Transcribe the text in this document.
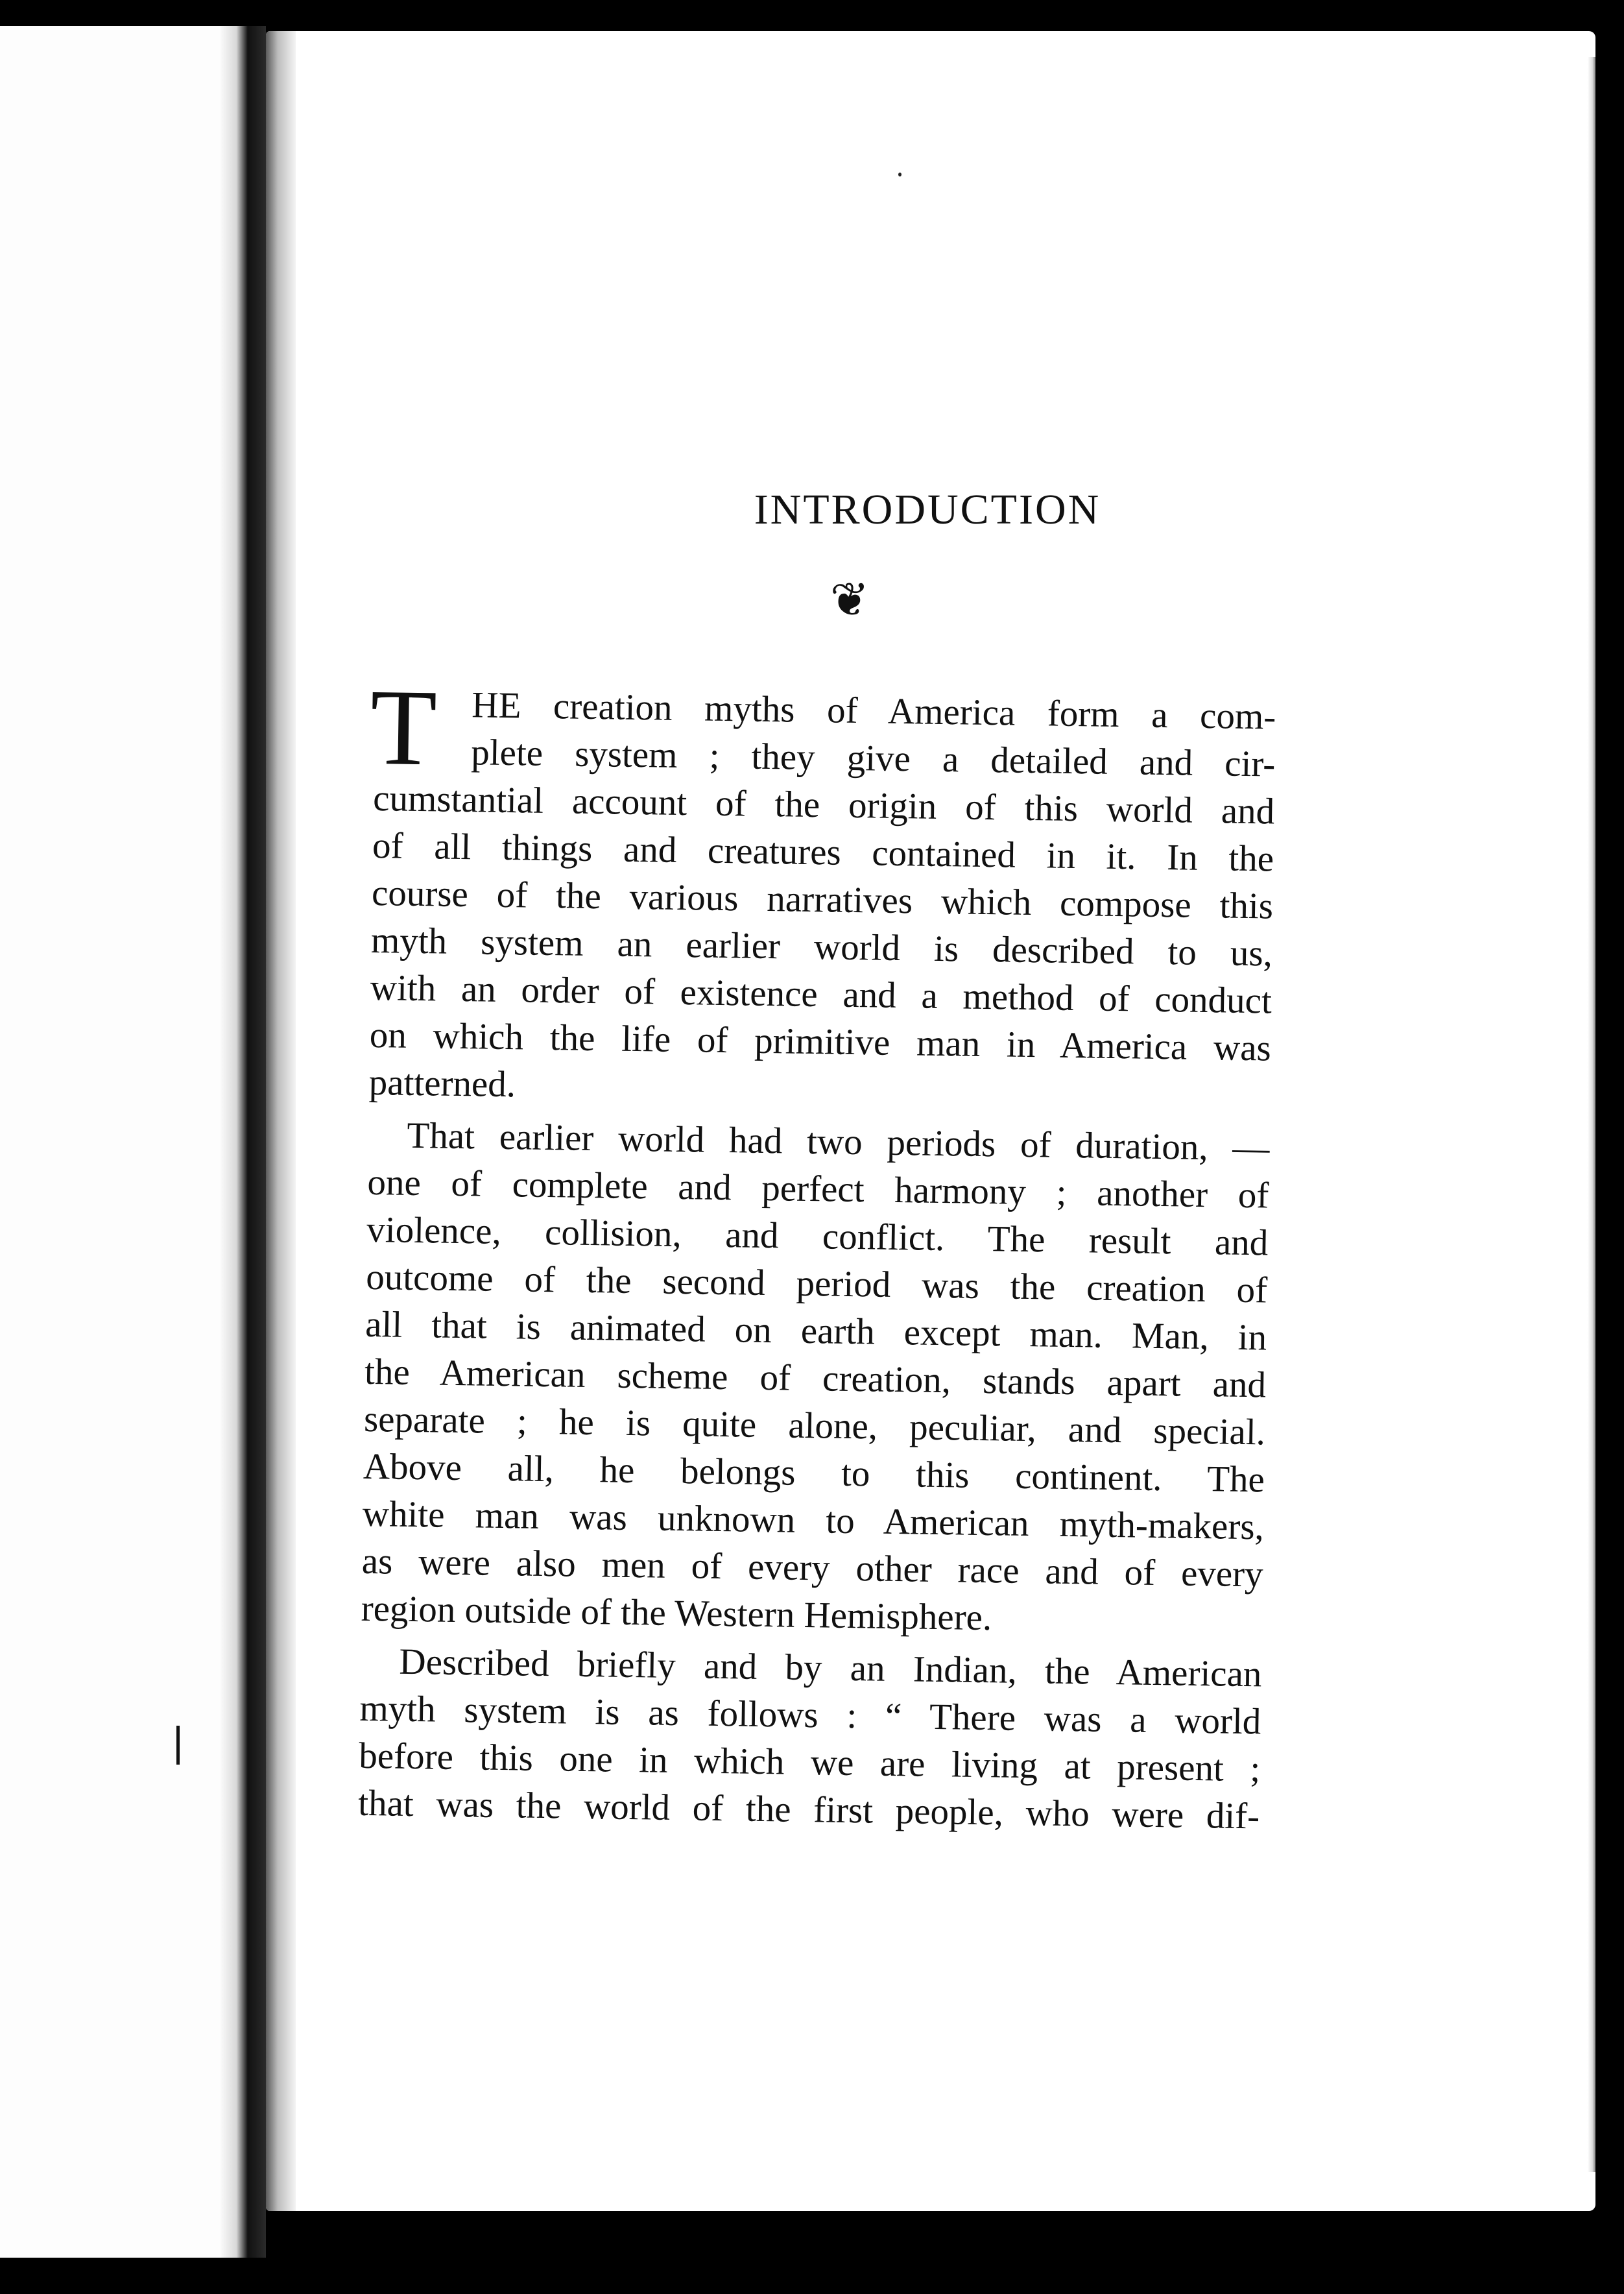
INTRODUCTION
❦
T HE creation myths of America form a com-
plete system ; they give a detailed and cir-
cumstantial account of the origin of this world and
of all things and creatures contained in it. In the
course of the various narratives which compose this
myth system an earlier world is described to us,
with an order of existence and a method of conduct
on which the life of primitive man in America was
patterned.
That earlier world had two periods of duration, —
one of complete and perfect harmony ; another of
violence, collision, and conflict. The result and
outcome of the second period was the creation of
all that is animated on earth except man. Man, in
the American scheme of creation, stands apart and
separate ; he is quite alone, peculiar, and special.
Above all, he belongs to this continent. The
white man was unknown to American myth-makers,
as were also men of every other race and of every
region outside of the Western Hemisphere.
Described briefly and by an Indian, the American
myth system is as follows : “ There was a world
before this one in which we are living at present ;
that was the world of the first people, who were dif-
